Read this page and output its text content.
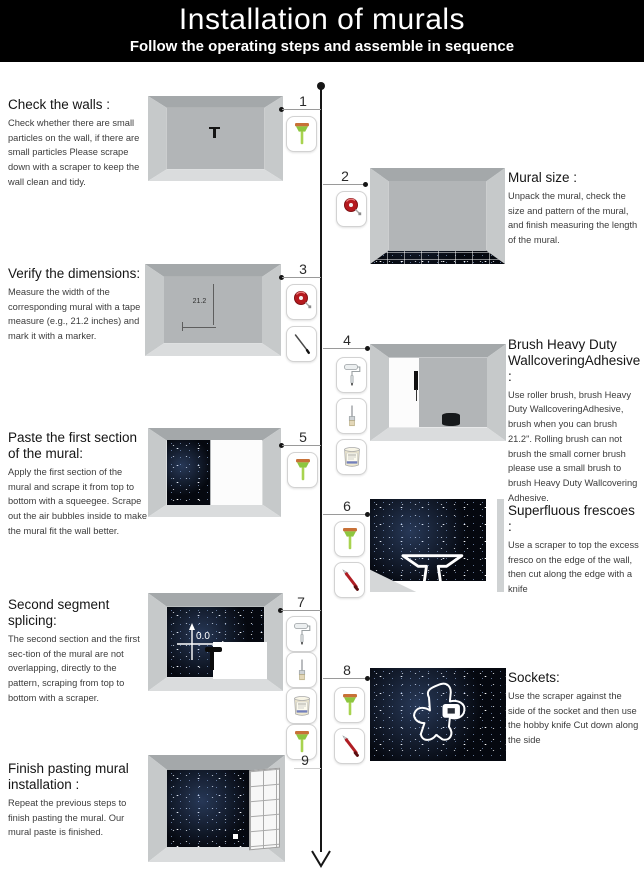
Installation of murals
Follow the operating steps and assemble in sequence
Check the walls :

Check whether there are small particles on the wall, if there are small particles Please scrape down with a scraper to keep the wall clean and tidy.

1
2	Mural size :

Unpack the mural, check the size and pattern of the mural, and finish measuring the length of the mural.

Verify the dimensions:

Measure the width of the corresponding mural with a tape measure (e.g., 21.2 inches) and mark it with a marker.

21.2
3
4	Brush Heavy Duty WallcoveringAdhesive :

Use roller brush, brush Heavy Duty WallcoveringAdhesive, brush when you can brush 21.2". Rolling brush can not brush the small corner brush please use a small brush to brush Heavy Duty Wallcovering Adhesive.

Paste the first section of the mural:

Apply the first section of the mural and scrape it from top to bottom with a squeegee. Scrape out the air bubbles inside to make the mural fit the wall better.

5
6	Superfluous frescoes :

Use a scraper to top the excess fresco on the edge of the wall, then cut along the edge with a knife

Second segment splicing:

The second section and the first sec-tion of the mural are not overlapping, directly to the pattern, scraping from top to bottom with a scraper.

0.0
7
8	Sockets:

Use the scraper against the side of the socket and then use the hobby knife Cut down along the side

Finish pasting mural installation :

Repeat the previous steps to finish pasting the mural. Our mural paste is finished.

9
